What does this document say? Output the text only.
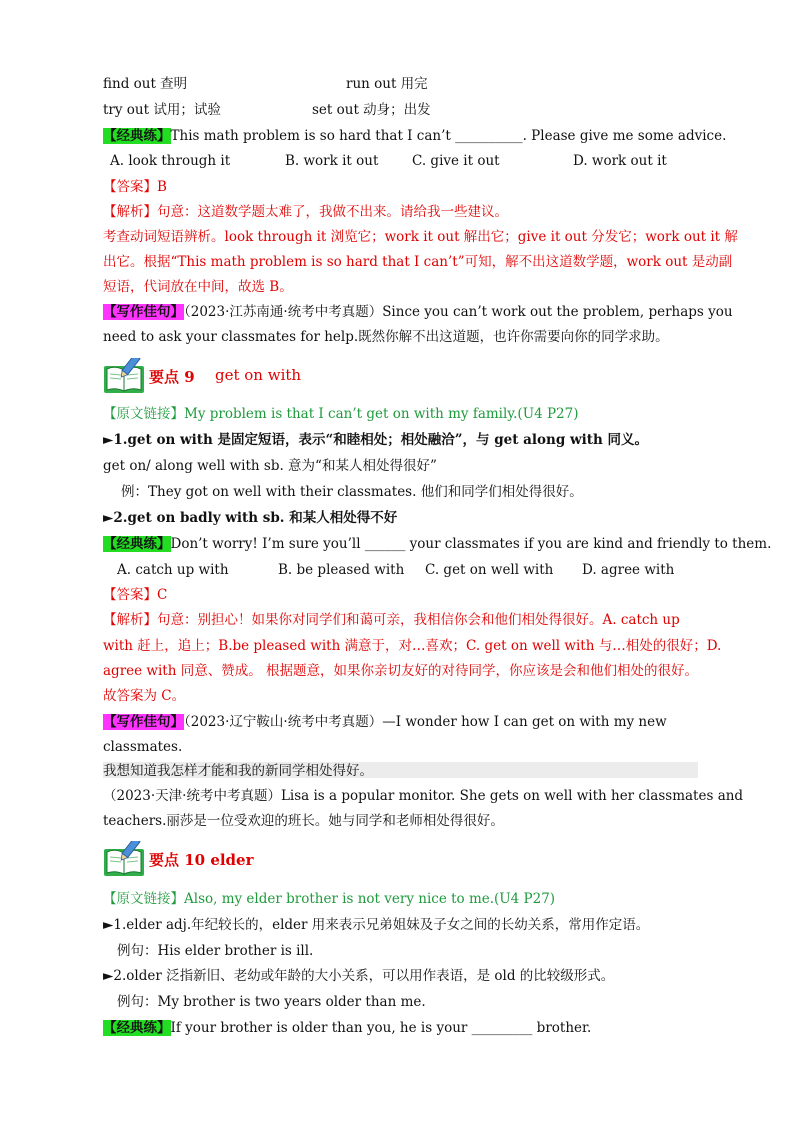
find out 查明	run out 用完
try out 试用；试验	set out 动身；出发
【经典练】This math problem is so hard that I can’t __________. Please give me some advice.
A. look through it	B. work it out C. give it out	D. work out it
【答案】B
【解析】句意：这道数学题太难了，我做不出来。请给我一些建议。
考查动词短语辨析。look through it 浏览它；work it out 解出它；give it out 分发它；work out it 解
出它。根据“This math problem is so hard that I can’t”可知，解不出这道数学题，work out 是动副
短语，代词放在中间，故选 B。
【写作佳句】（2023·江苏南通·统考中考真题）Since you can’t work out the problem, perhaps you
need to ask your classmates for help.既然你解不出这道题，也许你需要向你的同学求助。
要点 9 get on with
【原文链接】My problem is that I can’t get on with my family.(U4 P27)
►1.get on with 是固定短语，表示“和睦相处；相处融洽”，与 get along with 同义。
get on/ along well with sb. 意为“和某人相处得很好”
例：They got on well with their classmates. 他们和同学们相处得很好。
►2.get on badly with sb. 和某人相处得不好
【经典练】Don’t worry! I’m sure you’ll ______ your classmates if you are kind and friendly to them.
A. catch up with	B. be pleased with C. get on well with D. agree with
【答案】C
【解析】句意：别担心！如果你对同学们和蔼可亲，我相信你会和他们相处得很好。A. catch up
with 赶上，追上；B.be pleased with 满意于，对…喜欢；C. get on well with 与…相处的很好；D.
agree with 同意、赞成。 根据题意，如果你亲切友好的对待同学，你应该是会和他们相处的很好。
故答案为 C。
【写作佳句】（2023·辽宁鞍山·统考中考真题）—I wonder how I can get on with my new
classmates.
我想知道我怎样才能和我的新同学相处得好。
（2023·天津·统考中考真题）Lisa is a popular monitor. She gets on well with her classmates and
teachers.丽莎是一位受欢迎的班长。她与同学和老师相处得很好。
要点 10 elder
【原文链接】Also, my elder brother is not very nice to me.(U4 P27)
►1.elder adj.年纪较长的，elder 用来表示兄弟姐妹及子女之间的长幼关系，常用作定语。
例句：His elder brother is ill.
►2.older 泛指新旧、老幼或年龄的大小关系，可以用作表语，是 old 的比较级形式。
例句：My brother is two years older than me.
【经典练】If your brother is older than you, he is your _________ brother.
